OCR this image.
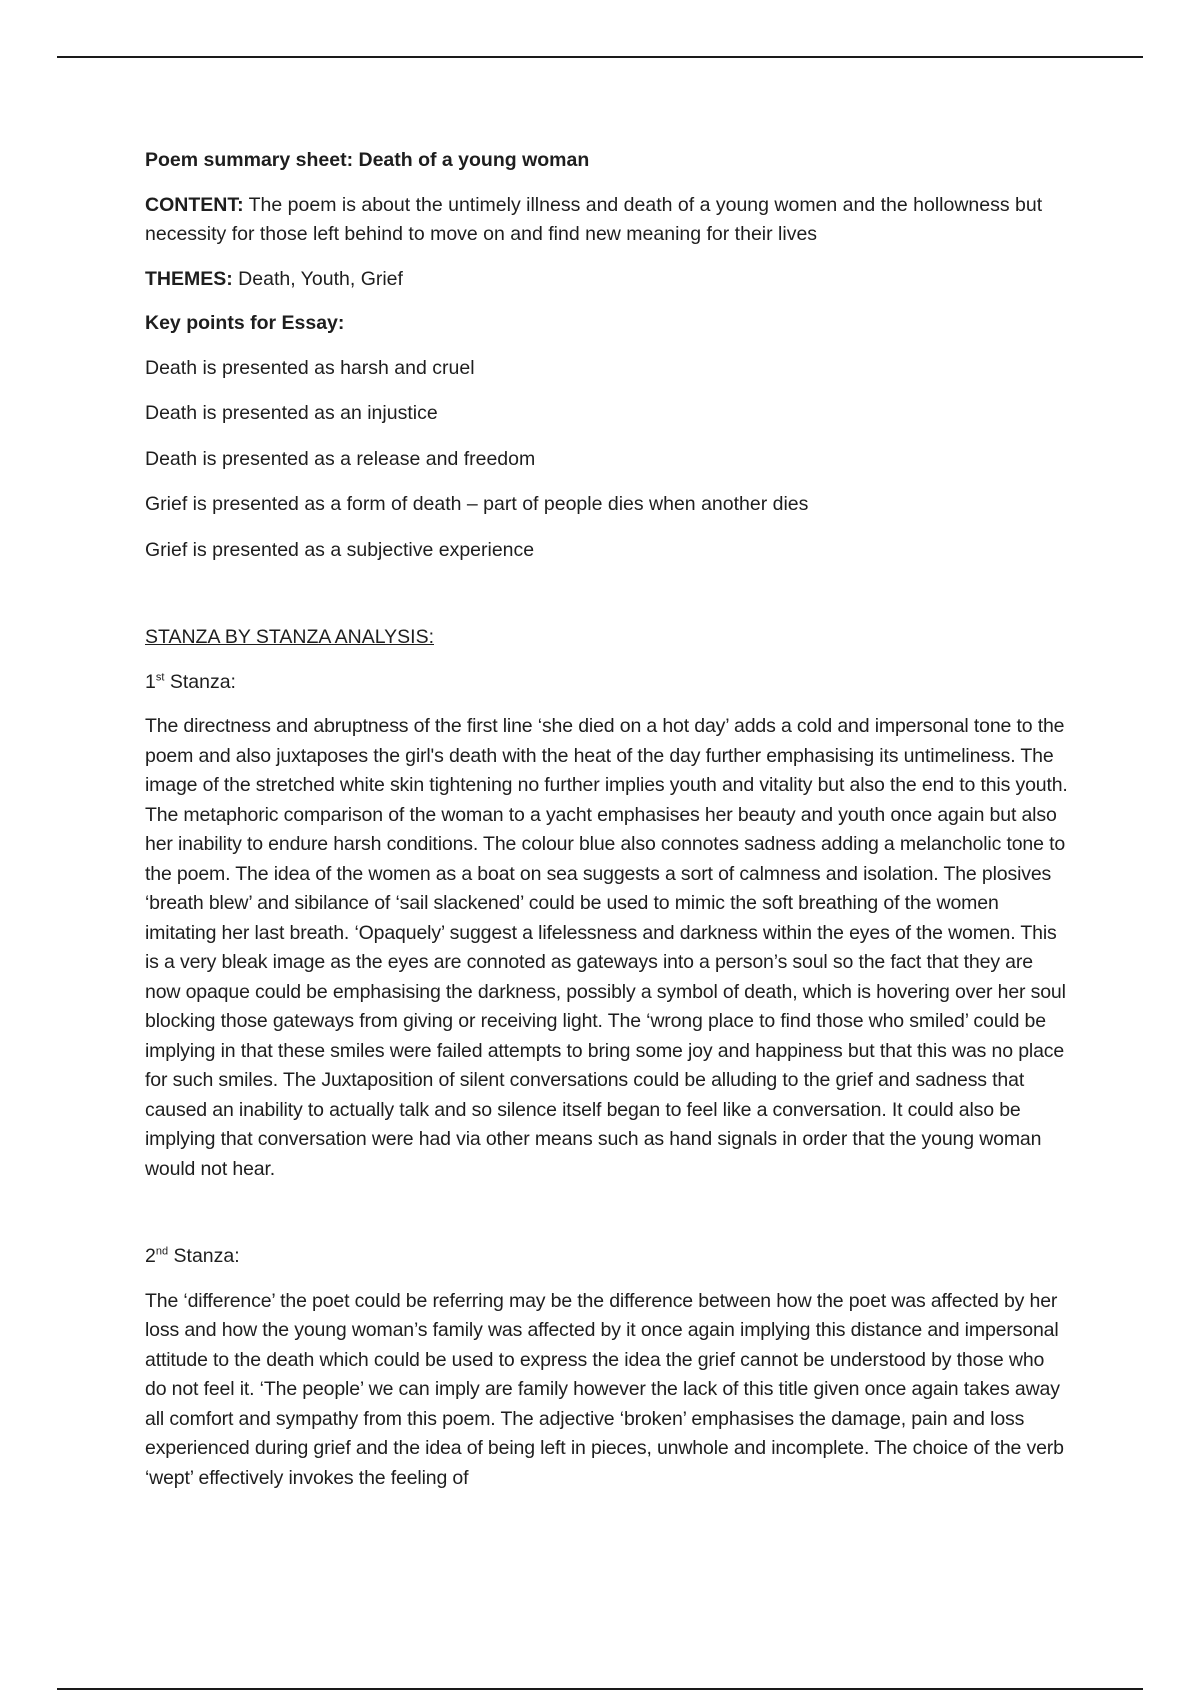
Poem summary sheet: Death of a young woman

CONTENT: The poem is about the untimely illness and death of a young women and the hollowness but necessity for those left behind to move on and find new meaning for their lives

THEMES: Death, Youth, Grief

Key points for Essay:

Death is presented as harsh and cruel

Death is presented as an injustice

Death is presented as a release and freedom

Grief is presented as a form of death – part of people dies when another dies

Grief is presented as a subjective experience

STANZA BY STANZA ANALYSIS:

1st Stanza:

The directness and abruptness of the first line ‘she died on a hot day’ adds a cold and impersonal tone to the poem and also juxtaposes the girl's death with the heat of the day further emphasising its untimeliness. The image of the stretched white skin tightening no further implies youth and vitality but also the end to this youth. The metaphoric comparison of the woman to a yacht emphasises her beauty and youth once again but also her inability to endure harsh conditions. The colour blue also connotes sadness adding a melancholic tone to the poem. The idea of the women as a boat on sea suggests a sort of calmness and isolation. The plosives ‘breath blew’ and sibilance of ‘sail slackened’ could be used to mimic the soft breathing of the women imitating her last breath. ‘Opaquely’ suggest a lifelessness and darkness within the eyes of the women. This is a very bleak image as the eyes are connoted as gateways into a person’s soul so the fact that they are now opaque could be emphasising the darkness, possibly a symbol of death, which is hovering over her soul blocking those gateways from giving or receiving light. The ‘wrong place to find those who smiled’ could be implying in that these smiles were failed attempts to bring some joy and happiness but that this was no place for such smiles. The Juxtaposition of silent conversations could be alluding to the grief and sadness that caused an inability to actually talk and so silence itself began to feel like a conversation. It could also be implying that conversation were had via other means such as hand signals in order that the young woman would not hear.

2nd Stanza:

The ‘difference’ the poet could be referring may be the difference between how the poet was affected by her loss and how the young woman’s family was affected by it once again implying this distance and impersonal attitude to the death which could be used to express the idea the grief cannot be understood by those who do not feel it. ‘The people’ we can imply are family however the lack of this title given once again takes away all comfort and sympathy from this poem. The adjective ‘broken’ emphasises the damage, pain and loss experienced during grief and the idea of being left in pieces, unwhole and incomplete. The choice of the verb ‘wept’ effectively invokes the feeling of
